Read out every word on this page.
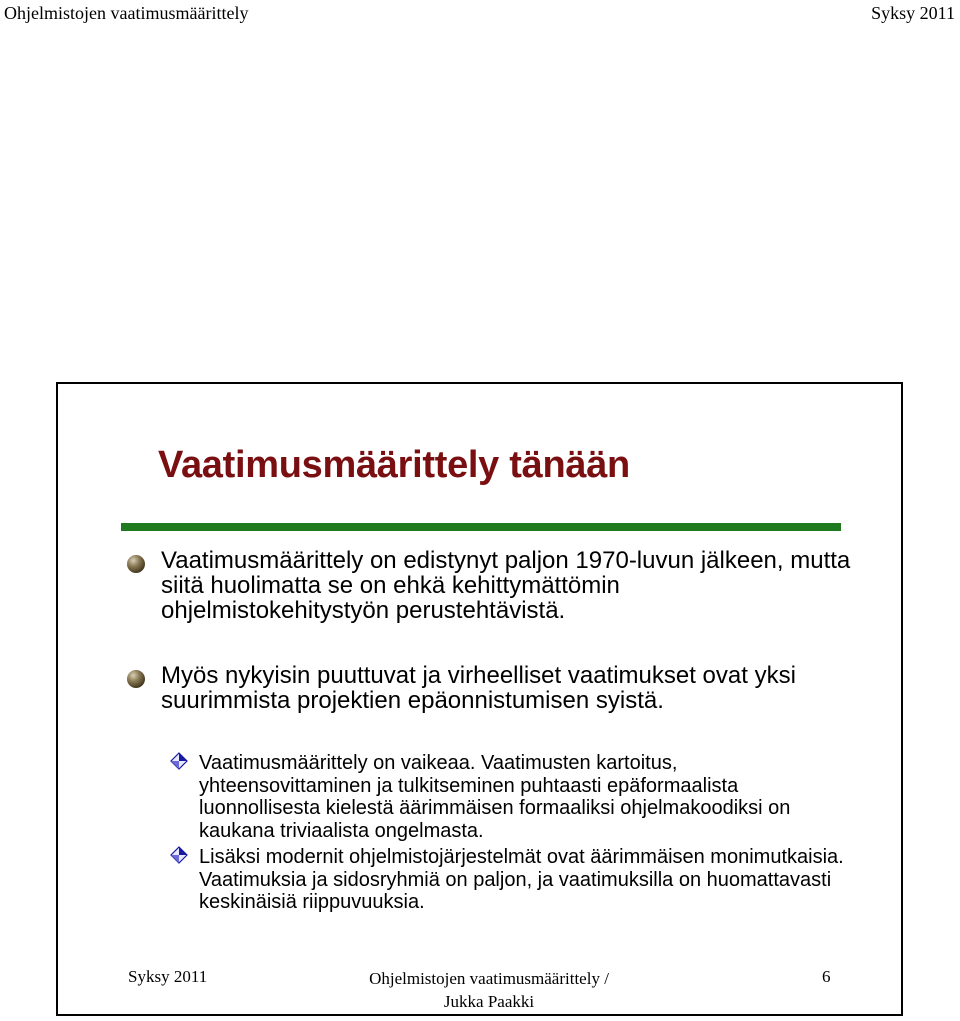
Ohjelmistojen vaatimusmäärittely	Syksy 2011
Vaatimusmäärittely tänään

Vaatimusmäärittely on edistynyt paljon 1970-luvun jälkeen, mutta siitä huolimatta se on ehkä kehittymättömin ohjelmistokehitystyön perustehtävistä.

Myös nykyisin puuttuvat ja virheelliset vaatimukset ovat yksi suurimmista projektien epäonnistumisen syistä.

Vaatimusmäärittely on vaikeaa. Vaatimusten kartoitus, yhteensovittaminen ja tulkitseminen puhtaasti epäformaalista luonnollisesta kielestä äärimmäisen formaaliksi ohjelmakoodiksi on kaukana triviaalista ongelmasta.

Lisäksi modernit ohjelmistojärjestelmät ovat äärimmäisen monimutkaisia. Vaatimuksia ja sidosryhmiä on paljon, ja vaatimuksilla on huomattavasti keskinäisiä riippuvuuksia.

Syksy 2011	Ohjelmistojen vaatimusmäärittely / Jukka Paakki
6
